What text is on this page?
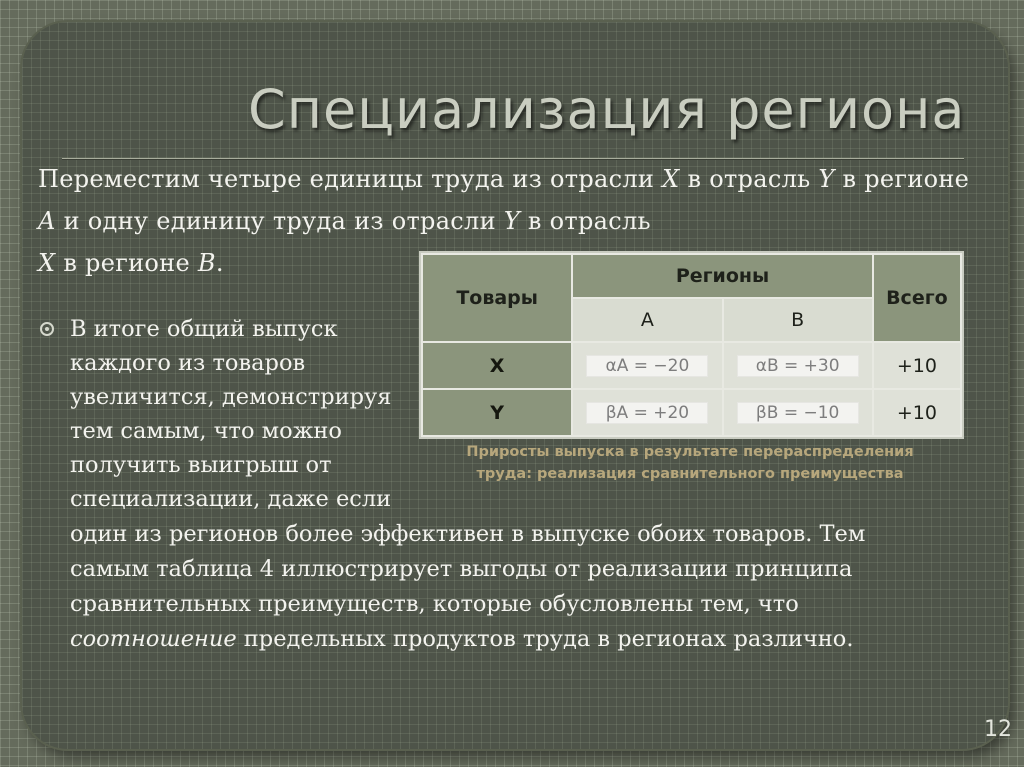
Специализация региона
Переместим четыре единицы труда из отрасли X в отрасль Y в регионе A и одну единицу труда из отрасли Y в отрасль
X в регионе B.
В итоге общий выпуск
каждого из товаров
увеличится, демонстрируя
тем самым, что можно
получить выигрыш от
специализации, даже если
один из регионов более эффективен в выпуске обоих товаров. Тем
самым таблица 4 иллюстрирует выгоды от реализации принципа
сравнительных преимуществ, которые обусловлены тем, что
соотношение предельных продуктов труда в регионах различно.
Товары	Регионы		Всего
	А	В	
X	αA = −20	αB = +30	+10
Y	βA = +20	βB = −10	+10
Приросты выпуска в результате перераспределения
труда: реализация сравнительного преимущества
12
